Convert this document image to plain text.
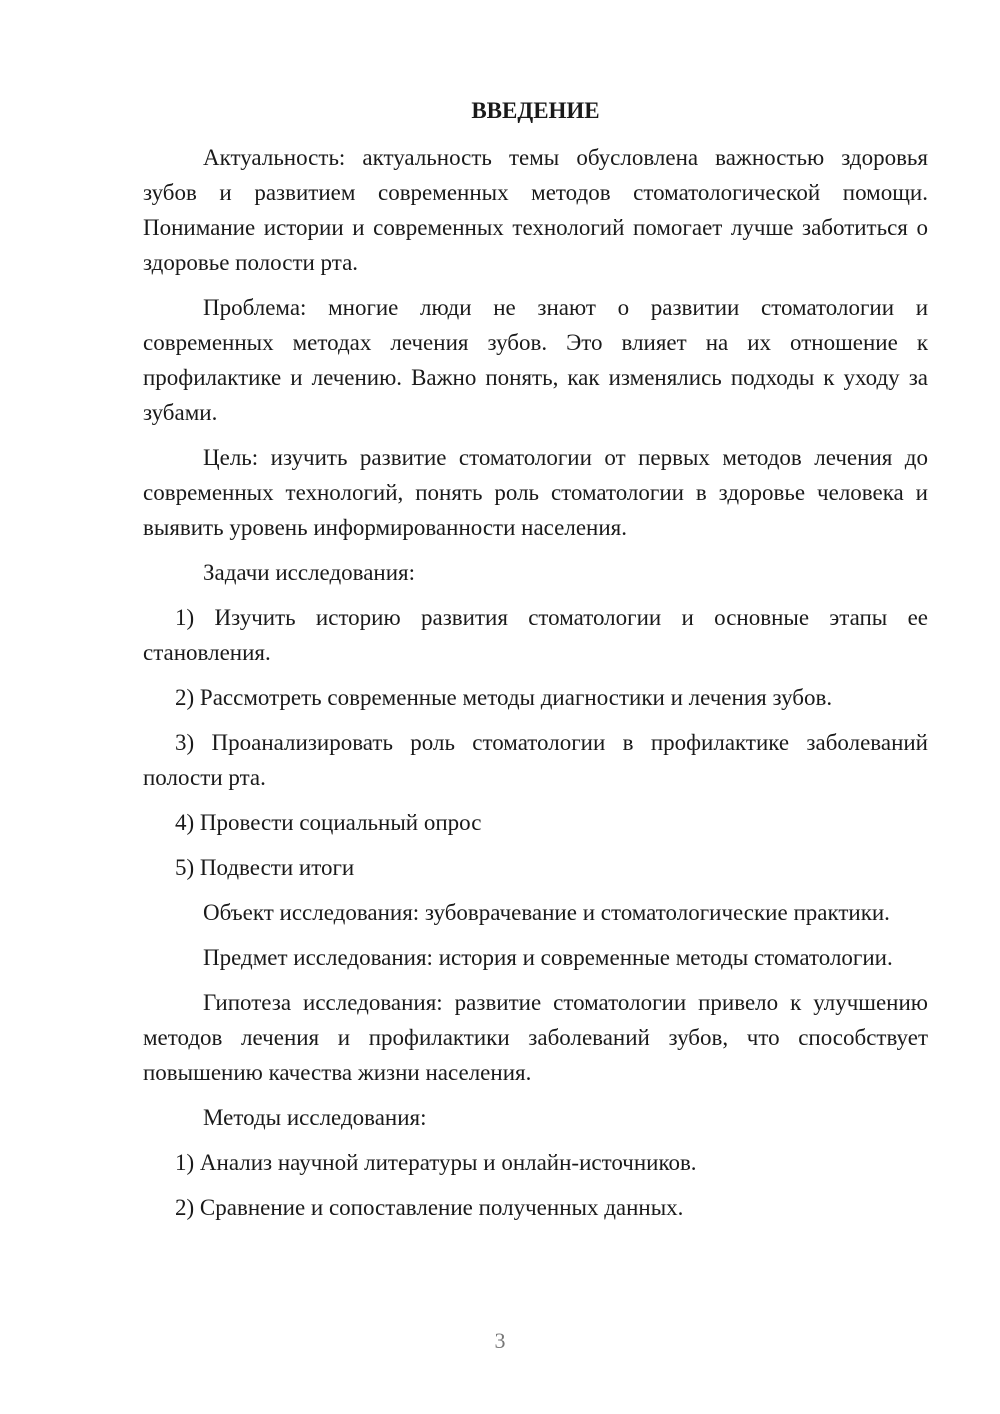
ВВЕДЕНИЕ

Актуальность: актуальность темы обусловлена важностью здоровья зубов и развитием современных методов стоматологической помощи. Понимание истории и современных технологий помогает лучше заботиться о здоровье полости рта.

Проблема: многие люди не знают о развитии стоматологии и современных методах лечения зубов. Это влияет на их отношение к профилактике и лечению. Важно понять, как изменялись подходы к уходу за зубами.

Цель: изучить развитие стоматологии от первых методов лечения до современных технологий, понять роль стоматологии в здоровье человека и выявить уровень информированности населения.

Задачи исследования:

1) Изучить историю развития стоматологии и основные этапы ее становления.

2) Рассмотреть современные методы диагностики и лечения зубов.

3) Проанализировать роль стоматологии в профилактике заболеваний полости рта.

4) Провести социальный опрос

5) Подвести итоги

Объект исследования: зубоврачевание и стоматологические практики.

Предмет исследования: история и современные методы стоматологии.

Гипотеза исследования: развитие стоматологии привело к улучшению методов лечения и профилактики заболеваний зубов, что способствует повышению качества жизни населения.

Методы исследования:

1) Анализ научной литературы и онлайн-источников.

2) Сравнение и сопоставление полученных данных.

3
